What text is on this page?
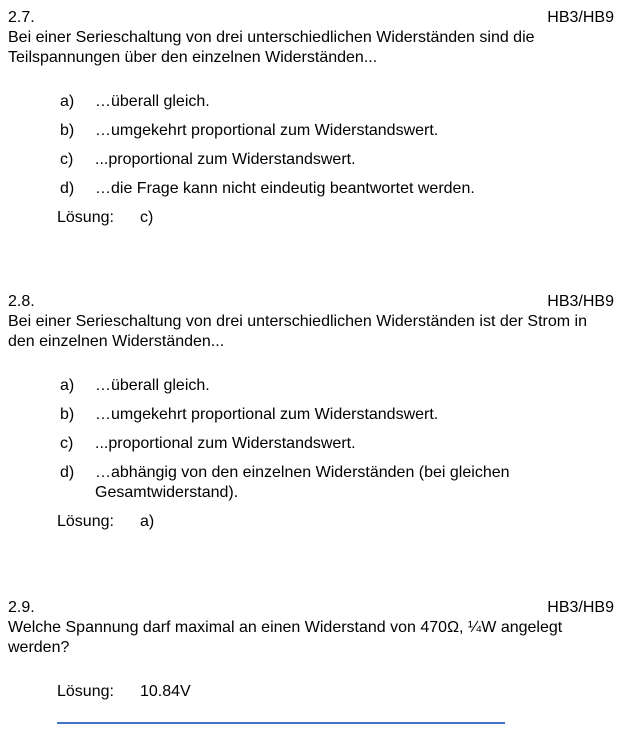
2.7.	HB3/HB9

Bei einer Serieschaltung von drei unterschiedlichen Widerständen sind die Teilspannungen über den einzelnen Widerständen...

a)	…überall gleich.
b)	…umgekehrt proportional zum Widerstandswert.
c)	...proportional zum Widerstandswert.
d)	…die Frage kann nicht eindeutig beantwortet werden.
Lösung:	c)
2.8.	HB3/HB9

Bei einer Serieschaltung von drei unterschiedlichen Widerständen ist der Strom in den einzelnen Widerständen...

a)	…überall gleich.
b)	…umgekehrt proportional zum Widerstandswert.
c)	...proportional zum Widerstandswert.
d)	…abhängig von den einzelnen Widerständen (bei gleichen Gesamtwiderstand).
Lösung:	a)
2.9.	HB3/HB9

Welche Spannung darf maximal an einen Widerstand von 470Ω, ¼W angelegt werden?

Lösung:	10.84V
